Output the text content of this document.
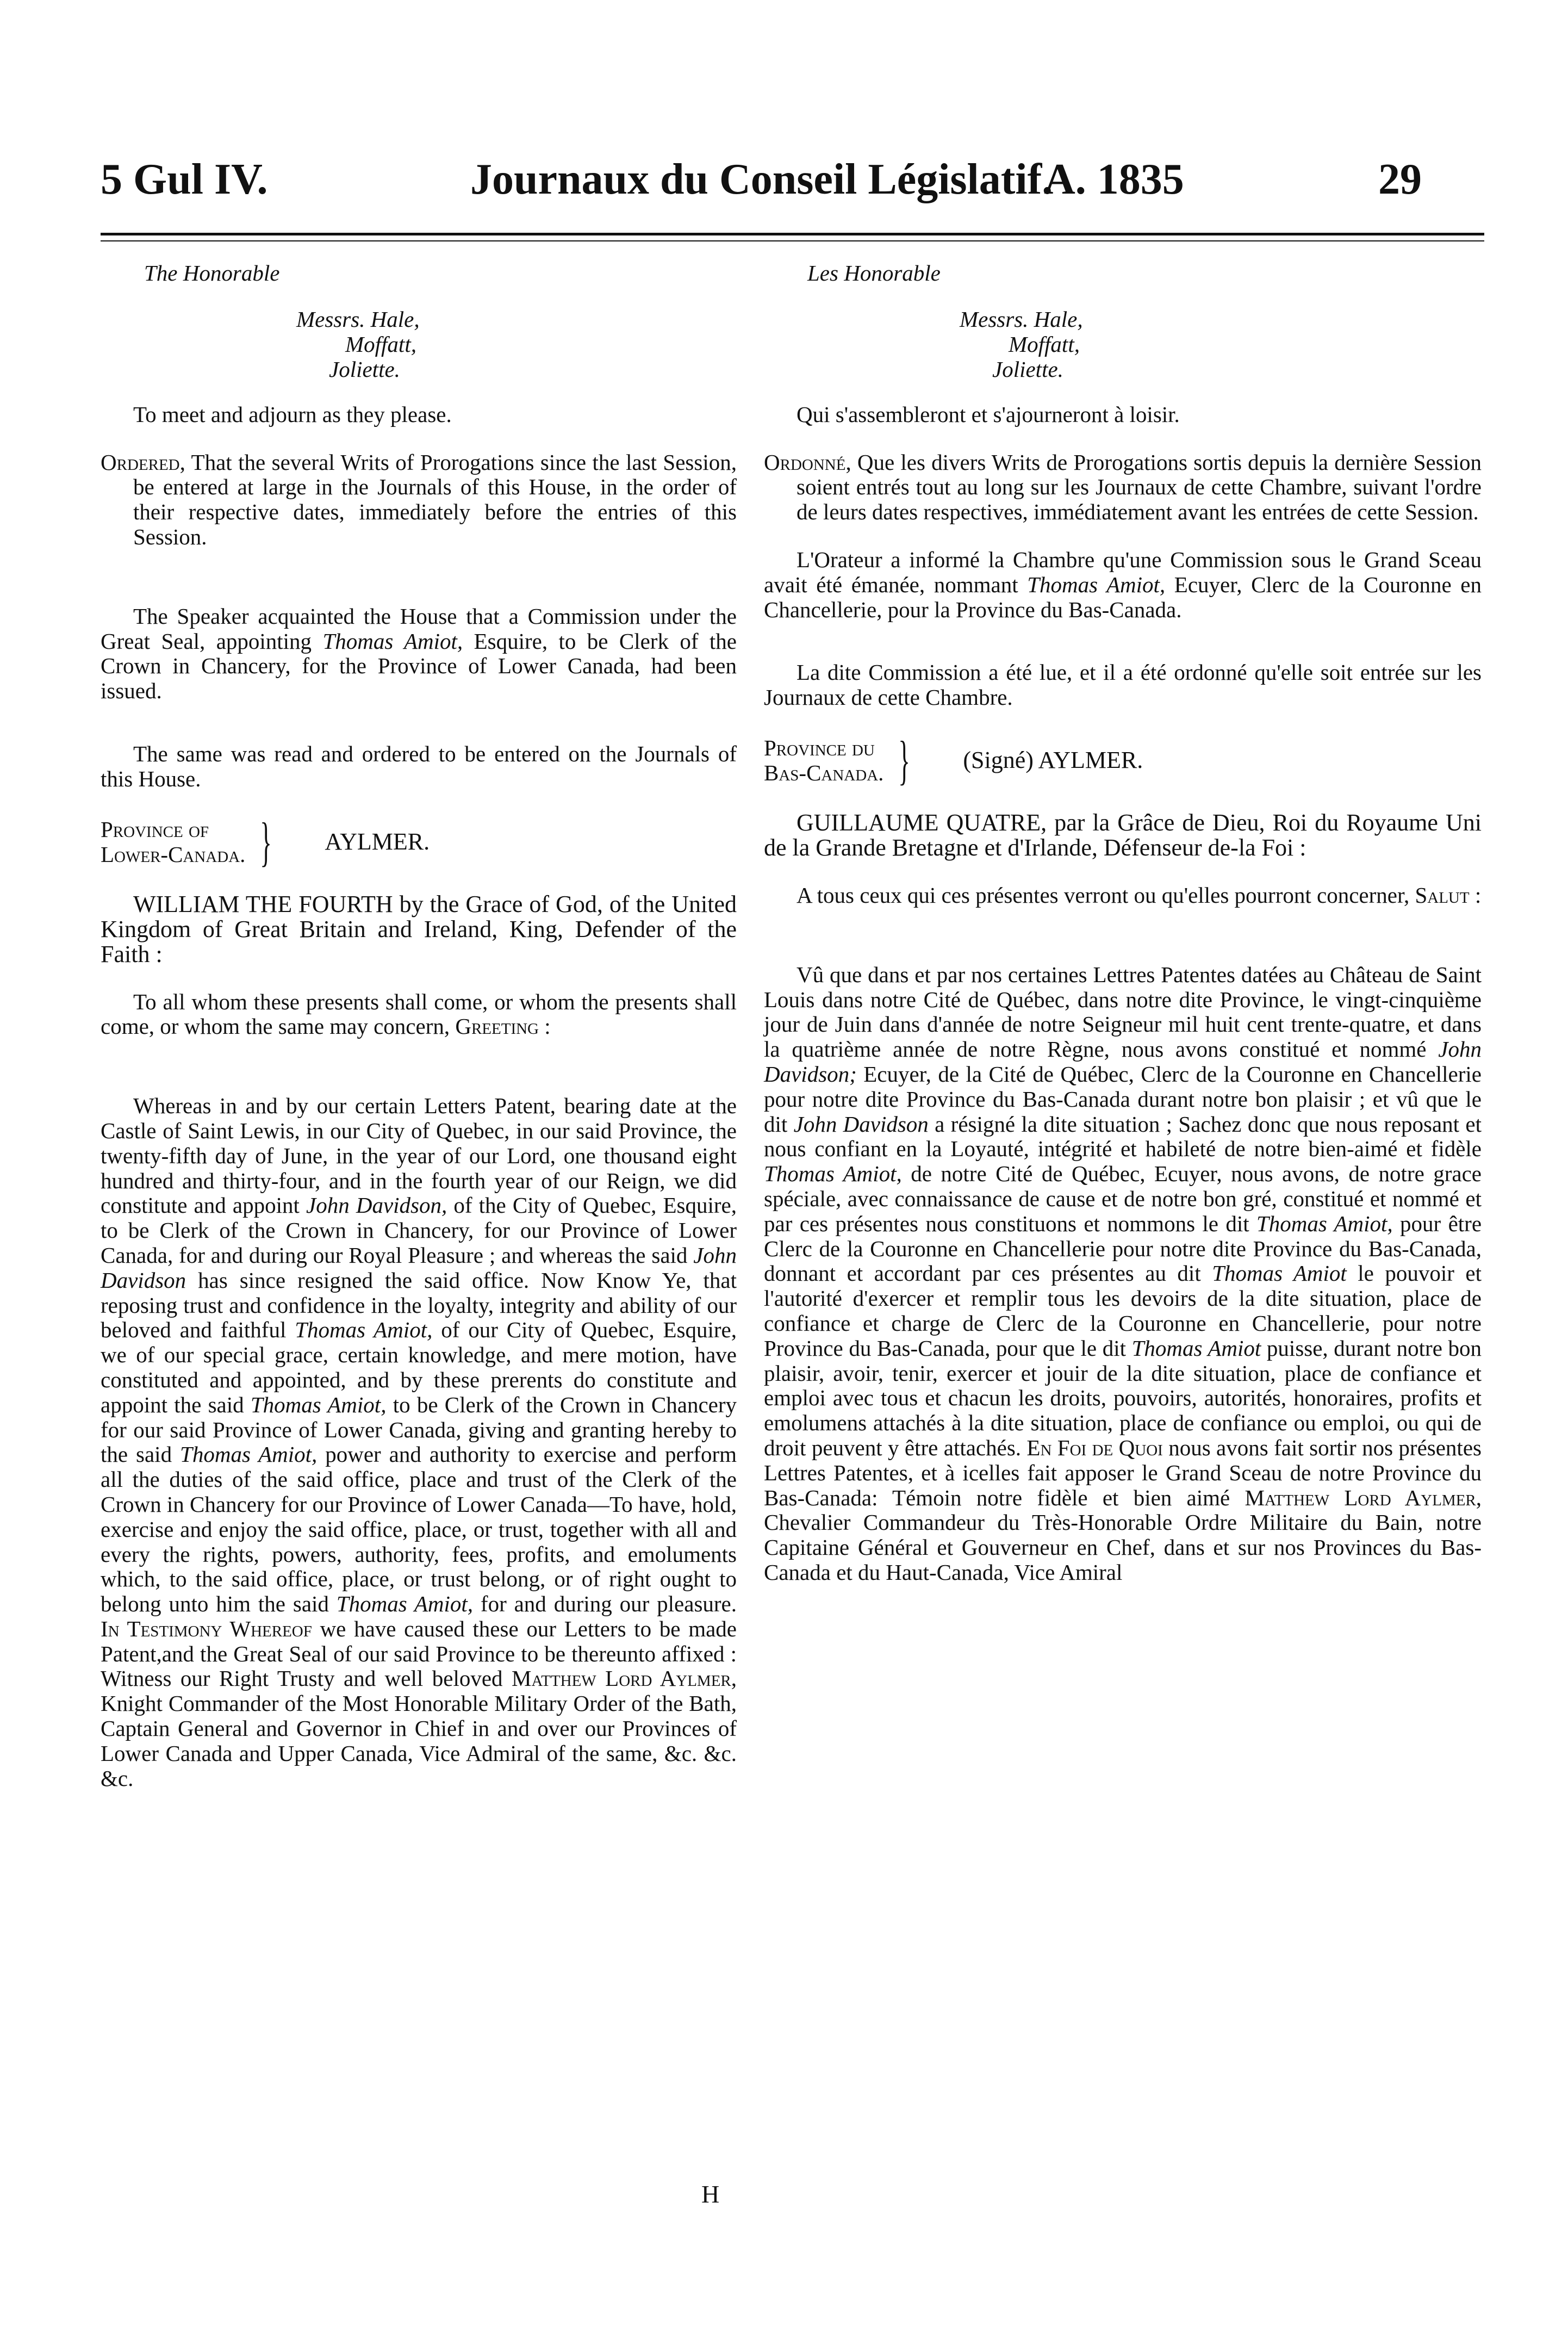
5 Gul IV.	Journaux du Conseil Législatif.
A. 1835	29

The Honorable

Messrs. Hale,
Moffatt,
Joliette.

To meet and adjourn as they please.

Ordered, That the several Writs of Prorogations since the last Session, be entered at large in the Journals of this House, in the order of their respective dates, immediately before the entries of this Session.

The Speaker acquainted the House that a Commission under the Great Seal, appointing Thomas Amiot, Esquire, to be Clerk of the Crown in Chancery, for the Province of Lower Canada, had been issued.

The same was read and ordered to be entered on the Journals of this House.

Province of
Lower-Canada. } AYLMER.

WILLIAM THE FOURTH by the Grace of God, of the United Kingdom of Great Britain and Ireland, King, Defender of the Faith :

To all whom these presents shall come, or whom the presents shall come, or whom the same may concern, Greeting :

Whereas in and by our certain Letters Patent, bearing date at the Castle of Saint Lewis, in our City of Quebec, in our said Province, the twenty-fifth day of June, in the year of our Lord, one thousand eight hundred and thirty-four, and in the fourth year of our Reign, we did constitute and appoint John Davidson, of the City of Quebec, Esquire, to be Clerk of the Crown in Chancery, for our Province of Lower Canada, for and during our Royal Pleasure ; and whereas the said John Davidson has since resigned the said office. Now Know Ye, that reposing trust and confidence in the loyalty, integrity and ability of our beloved and faithful Thomas Amiot, of our City of Quebec, Esquire, we of our special grace, certain knowledge, and mere motion, have constituted and appointed, and by these prerents do constitute and appoint the said Thomas Amiot, to be Clerk of the Crown in Chancery for our said Province of Lower Canada, giving and granting hereby to the said Thomas Amiot, power and authority to exercise and perform all the duties of the said office, place and trust of the Clerk of the Crown in Chancery for our Province of Lower Canada—To have, hold, exercise and enjoy the said office, place, or trust, together with all and every the rights, powers, authority, fees, profits, and emoluments which, to the said office, place, or trust belong, or of right ought to belong unto him the said Thomas Amiot, for and during our pleasure. In Testimony Whereof we have caused these our Letters to be made Patent,and the Great Seal of our said Province to be thereunto affixed : Witness our Right Trusty and well beloved Matthew Lord Aylmer, Knight Commander of the Most Honorable Military Order of the Bath, Captain General and Governor in Chief in and over our Provinces of Lower Canada and Upper Canada, Vice Admiral of the same, &c. &c. &c.

Les Honorable

Messrs. Hale,
Moffatt,
Joliette.

Qui s'assembleront et s'ajourneront à loisir.

Ordonné, Que les divers Writs de Prorogations sortis depuis la dernière Session soient entrés tout au long sur les Journaux de cette Chambre, suivant l'ordre de leurs dates respectives, immédiatement avant les entrées de cette Session.

L'Orateur a informé la Chambre qu'une Commission sous le Grand Sceau avait été émanée, nommant Thomas Amiot, Ecuyer, Clerc de la Couronne en Chancellerie, pour la Province du Bas-Canada.

La dite Commission a été lue, et il a été ordonné qu'elle soit entrée sur les Journaux de cette Chambre.

Province du
Bas-Canada. } (Signé) AYLMER.

GUILLAUME QUATRE, par la Grâce de Dieu, Roi du Royaume Uni de la Grande Bretagne et d'Irlande, Défenseur de-la Foi :

A tous ceux qui ces présentes verront ou qu'elles pourront concerner, Salut :

Vû que dans et par nos certaines Lettres Patentes datées au Château de Saint Louis dans notre Cité de Québec, dans notre dite Province, le vingt-cinquième jour de Juin dans d'année de notre Seigneur mil huit cent trente-quatre, et dans la quatrième année de notre Règne, nous avons constitué et nommé John Davidson; Ecuyer, de la Cité de Québec, Clerc de la Couronne en Chancellerie pour notre dite Province du Bas-Canada durant notre bon plaisir ; et vû que le dit John Davidson a résigné la dite situation ; Sachez donc que nous reposant et nous confiant en la Loyauté, intégrité et habileté de notre bien-aimé et fidèle Thomas Amiot, de notre Cité de Québec, Ecuyer, nous avons, de notre grace spéciale, avec connaissance de cause et de notre bon gré, constitué et nommé et par ces présentes nous constituons et nommons le dit Thomas Amiot, pour être Clerc de la Couronne en Chancellerie pour notre dite Province du Bas-Canada, donnant et accordant par ces présentes au dit Thomas Amiot le pouvoir et l'autorité d'exercer et remplir tous les devoirs de la dite situation, place de confiance et charge de Clerc de la Couronne en Chancellerie, pour notre Province du Bas-Canada, pour que le dit Thomas Amiot puisse, durant notre bon plaisir, avoir, tenir, exercer et jouir de la dite situation, place de confiance et emploi avec tous et chacun les droits, pouvoirs, autorités, honoraires, profits et emolumens attachés à la dite situation, place de confiance ou emploi, ou qui de droit peuvent y être attachés. En Foi de Quoi nous avons fait sortir nos présentes Lettres Patentes, et à icelles fait apposer le Grand Sceau de notre Province du Bas-Canada: Témoin notre fidèle et bien aimé Matthew Lord Aylmer, Chevalier Commandeur du Très-Honorable Ordre Militaire du Bain, notre Capitaine Général et Gouverneur en Chef, dans et sur nos Provinces du Bas-Canada et du Haut-Canada, Vice Amiral

H
